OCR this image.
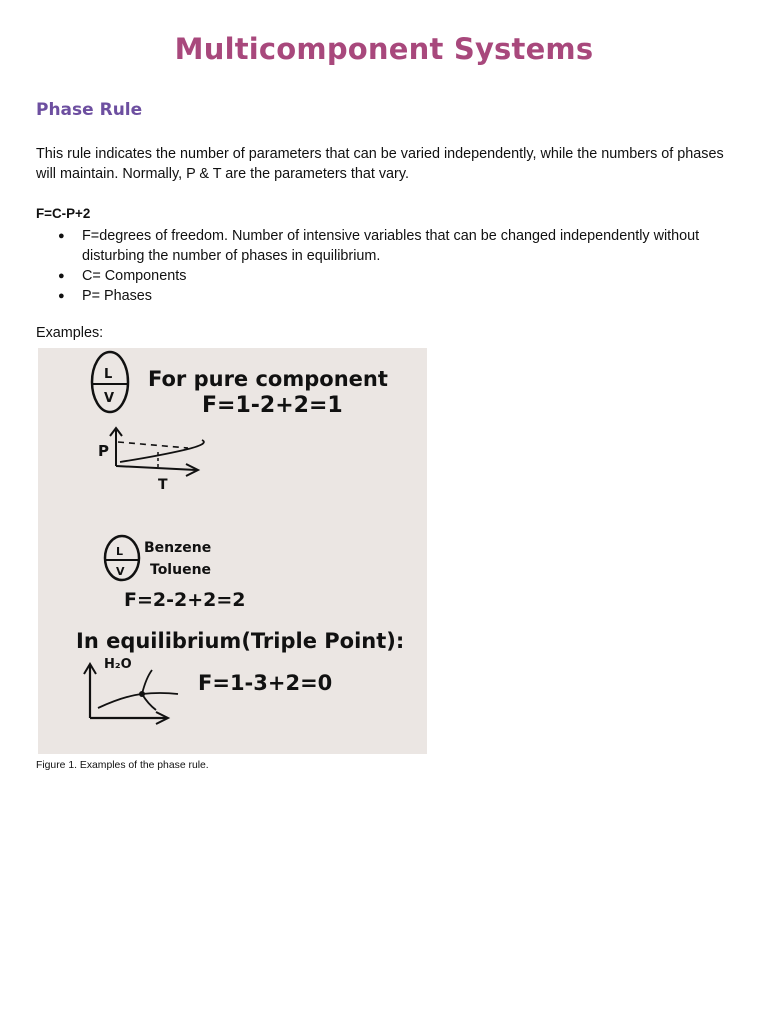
Multicomponent Systems
Phase Rule
This rule indicates the number of parameters that can be varied independently, while the numbers of phases will maintain. Normally, P & T are the parameters that vary.
F=C-P+2
● F=degrees of freedom. Number of intensive variables that can be changed independently without disturbing the number of phases in equilibrium.
● C= Components
● P= Phases
Examples:
L
V
For pure component
F=1-2+2=1
P
T
L
V
Benzene
Toluene
F=2-2+2=2
In equilibrium(Triple Point):
H₂O
F=1-3+2=0
Figure 1. Examples of the phase rule.
